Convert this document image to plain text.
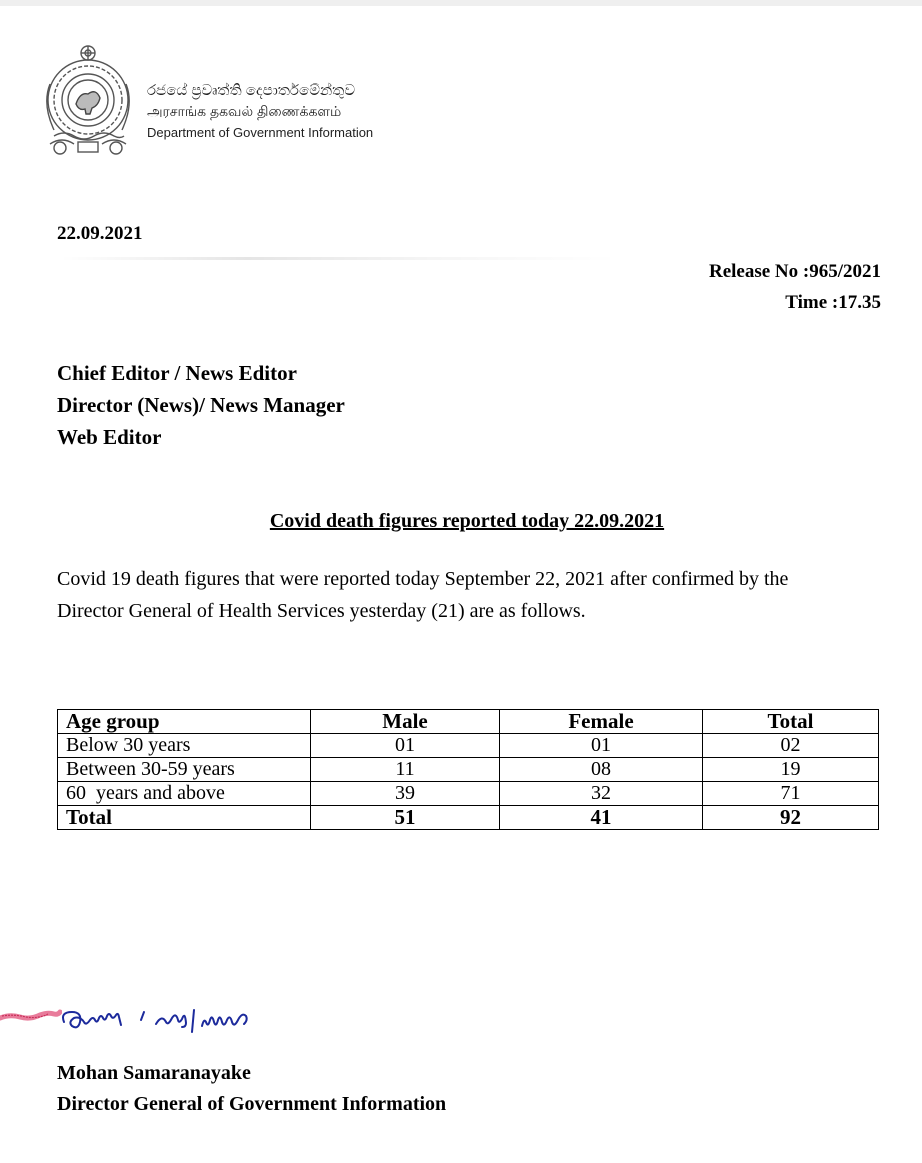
රජයේ ප්‍රවෘත්ති දෙපාර්තමේන්තුව
அரசாங்க தகவல் திணைக்களம்
Department of Government Information
22.09.2021
Release No :965/2021
Time :17.35
Chief Editor / News Editor
Director (News)/ News Manager
Web Editor
Covid death figures reported today 22.09.2021
Covid 19 death figures that were reported today September 22, 2021 after confirmed by the Director General of Health Services yesterday (21) are as follows.
Age group	Male	Female	Total
Below 30 years	01	01	02
Between 30-59 years	11	08	19
60  years and above	39	32	71
Total	51	41	92
Mohan Samaranayake
Director General of Government Information
